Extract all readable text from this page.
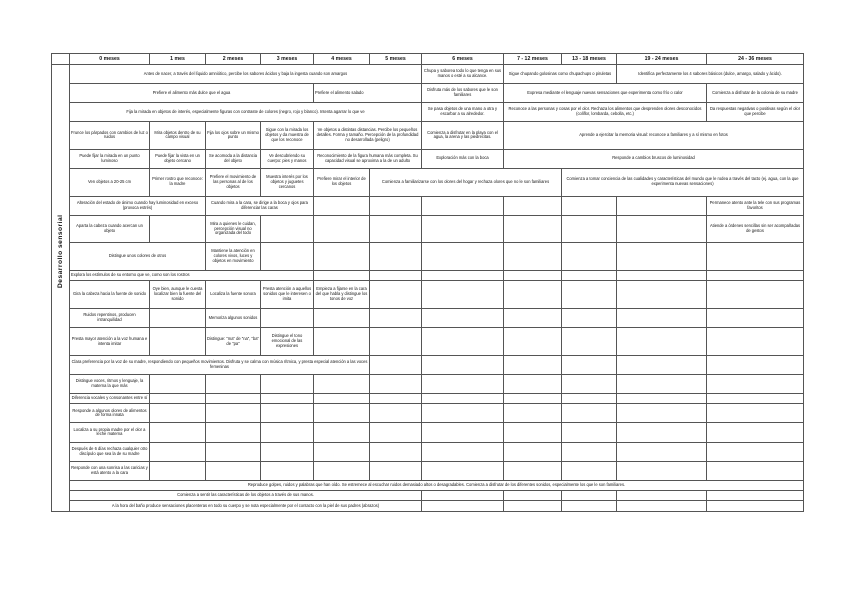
	0 meses	1 mes	2 meses	3 meses	4 meses	5 meses	6 meses	7 - 12 meses	13 - 18 meses	19 - 24 meses	24 - 36 meses

Desarrollo sensorial	Antes de nacer, a través del líquido amniótico, percibe los sabores ácidos y baja la ingesta cuando son amargos						Chupa y saborea todo lo que tenga en sus manos o esté a su alcance.	Sigue chupando golosinas como chupachups o piruletas		Identifica perfectamente los 4 sabores básicos (dulce, amargo, salado y ácido).	
	Prefiere el alimento más dulce que el agua				Prefiere el alimento salado		Disfruta más de los sabores que le son familiares	Expresa mediante el lenguaje nuevas sensaciones que experimenta como frío o calor			Comienza a disfrutar de la colonia de su madre
	Fija la mirada en objetos de interés, especialmente figuras con contraste de colores (negro, rojo y blanco). Intenta agarrar lo que ve						Se pasa objetos de una mano a otra y escarbar a su alrededor.	Reconoce a las personas y cosas por el olor. Rechaza los alimentos que desprenden olores desconocidos (coliflor, lombarda, cebolla, etc.)			Da respuestas negativas o positivas según el olor que percibe
	Frunce los párpados con cambios de luz o ruidos	Mira objetos dentro de su campo visual	Fija los ojos sobre un mismo punto	Sigue con la mirada los objetos y da muestra de que los reconoce	Ve objetos a distintas distancias. Percibe los pequeños detalles. Forma y tamaño. Percepción de la profundidad no desarrollada (peligro)		Comienza a disfrutar en la playa con el agua, la arena y las piedrecitas.	Aprende a ejercitar la memoria visual: reconoce a familiares y a sí mismo en fotos			
	Puede fijar la mirada en un punto luminoso	Puede fijar la vista en un objeto cercano	Se acomoda a la distancia del objeto	Ve descubriendo su cuerpo: pies y manos	Reconocimiento de la figura humana más completa. Su capacidad visual se aproxima a la de un adulto		Exploración más con la boca	Responde a cambios bruscos de luminosidad			
	Ven objetos a 20-25 cm	Primer rostro que reconoce: la madre	Prefiere el movimiento de las personas al de los objetos	Muestra interés por los objetos y juguetes cercanos	Prefiere mirar el interior de los objetos	Comienza a familiarizarse con los olores del hogar y rechaza olores que no le son familiares			Comienza a tomar conciencia de las cualidades y características del mundo que le rodea a través del tacto (ej. agua, con la que experimenta nuevas sensaciones)		
	Alteración del estado de ánimo cuando hay luminosidad en exceso (provoca estrés)		Cuando mira a la cara, se dirige a la boca y ojos para diferenciar las caras								Permanece atento ante la tele con sus programas favoritos
	Aparta la cabeza cuando acercan un objeto		Mira a quienes le cuidan, percepción visual no organizada del todo								Atiende a órdenes sencillas sin ser acompañadas de gestos
	Distingue unos colores de otros		Mantiene la atención en colores vivos, luces y objetos en movimiento								
	Explora los estímulos de su entorno que ve, como son los rostros										
	Gira la cabeza hacia la fuente de sonido	Oye bien, aunque le cuesta localizar bien la fuente del sonido	Localiza la fuente sonora	Presta atención a aquellos sonidos que le interesen o imita	Empieza a fijarse en la cara del que habla y distingue los tonos de voz						
	Ruidos repentinos, producen intranquilidad		Memoriza algunos sonidos								
	Presta mayor atención a la voz humana e intenta imitar		Distingue: "ma" de "na", "ba" de "pa"	Distingue el tono emocional de las expresiones							
	Clara preferencia por la voz de su madre, respondiendo con pequeños movimientos. Disfruta y se calma con música rítmica, y presta especial atención a las voces femeninas										
	Distingue voces, ritmos y lenguaje, la materna la que más										
	Diferencia vocales y consonantes entre sí										
	Responde a algunos olores de alimentos de forma innata										
	Localiza a su propia madre por el olor a leche materna										
	Después de 6 días rechaza cualquier otro discípulo que sea la de su madre										
	Responde con una sonrisa a las caricias y está atento a la cara										
	Reproduce golpes, ruidos y palabras que han oído. Se estremece al escuchar ruidos demasiado altos o desagradables. Comienza a disfrutar de los diferentes sonidos, especialmente los que le son familiares.										
	Comienza a sentir las características de los objetos a través de sus manos.										
	A la hora del baño produce sensaciones placenteras en todo su cuerpo y se nota especialmente por el contacto con la piel de sus padres (abrazos)										
